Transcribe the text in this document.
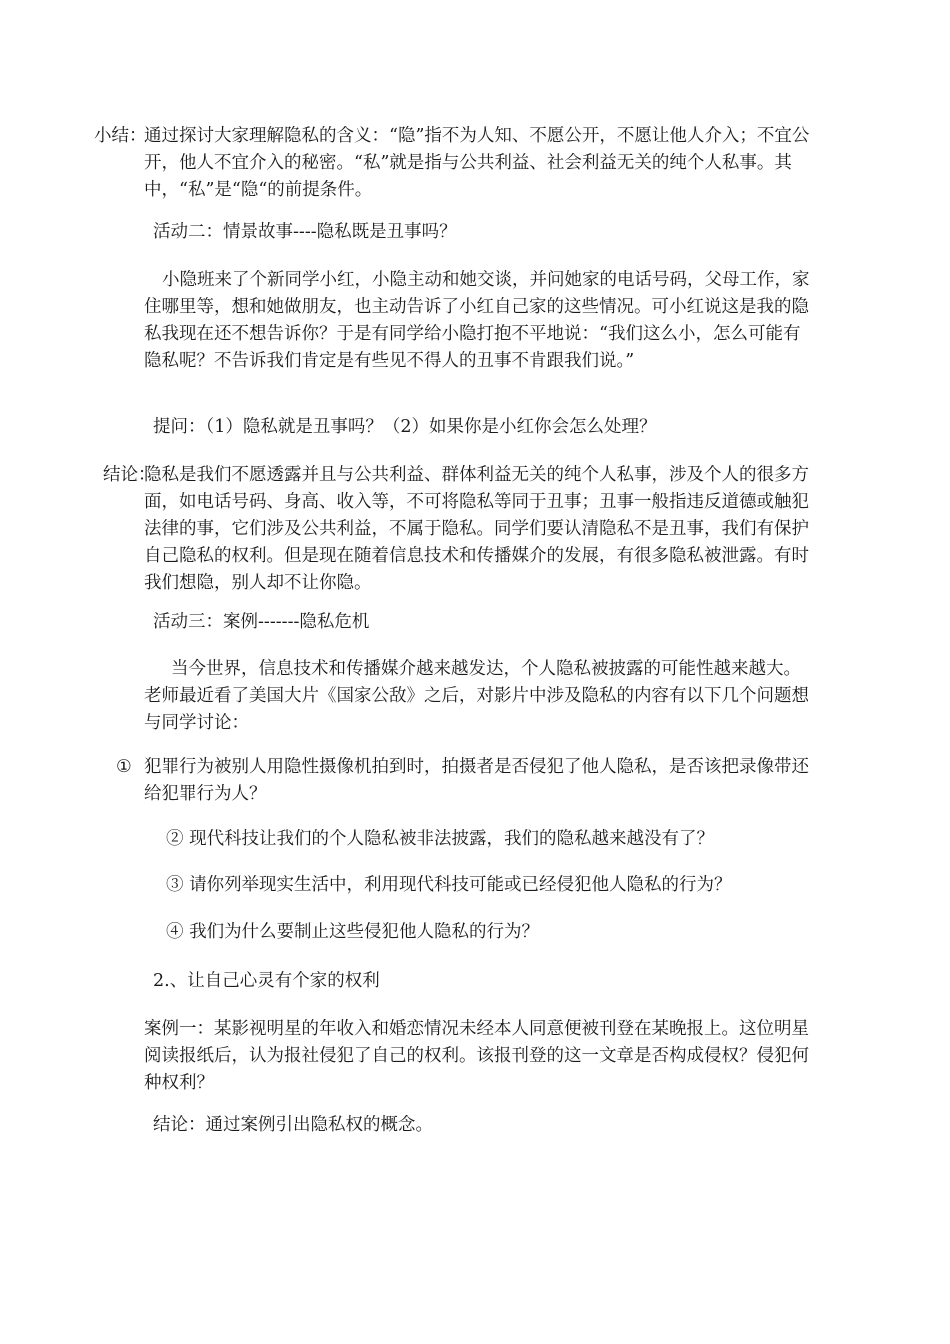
小结：
通过探讨大家理解隐私的含义：“隐”指不为人知、不愿公开，不愿让他人介入；不宜公开，他人不宜介入的秘密。“私”就是指与公共利益、社会利益无关的纯个人私事。其中，“私”是“隐“的前提条件。
活动二：情景故事----隐私既是丑事吗？
小隐班来了个新同学小红，小隐主动和她交谈，并问她家的电话号码，父母工作，家住哪里等，想和她做朋友，也主动告诉了小红自己家的这些情况。可小红说这是我的隐私我现在还不想告诉你？于是有同学给小隐打抱不平地说：“我们这么小，怎么可能有隐私呢？不告诉我们肯定是有些见不得人的丑事不肯跟我们说。”
提问：（1）隐私就是丑事吗？（2）如果你是小红你会怎么处理？
结论：
隐私是我们不愿透露并且与公共利益、群体利益无关的纯个人私事，涉及个人的很多方面，如电话号码、身高、收入等，不可将隐私等同于丑事；丑事一般指违反道德或触犯法律的事，它们涉及公共利益，不属于隐私。同学们要认清隐私不是丑事，我们有保护自己隐私的权利。但是现在随着信息技术和传播媒介的发展，有很多隐私被泄露。有时我们想隐，别人却不让你隐。
活动三：案例-------隐私危机
当今世界，信息技术和传播媒介越来越发达，个人隐私被披露的可能性越来越大。老师最近看了美国大片《国家公敌》之后，对影片中涉及隐私的内容有以下几个问题想与同学讨论：
① 犯罪行为被别人用隐性摄像机拍到时，拍摄者是否侵犯了他人隐私，是否该把录像带还给犯罪行为人？
② 现代科技让我们的个人隐私被非法披露，我们的隐私越来越没有了？
③ 请你列举现实生活中，利用现代科技可能或已经侵犯他人隐私的行为？
④ 我们为什么要制止这些侵犯他人隐私的行为？
2.、让自己心灵有个家的权利
案例一：某影视明星的年收入和婚恋情况未经本人同意便被刊登在某晚报上。这位明星阅读报纸后，认为报社侵犯了自己的权利。该报刊登的这一文章是否构成侵权？侵犯何种权利？
结论：通过案例引出隐私权的概念。
